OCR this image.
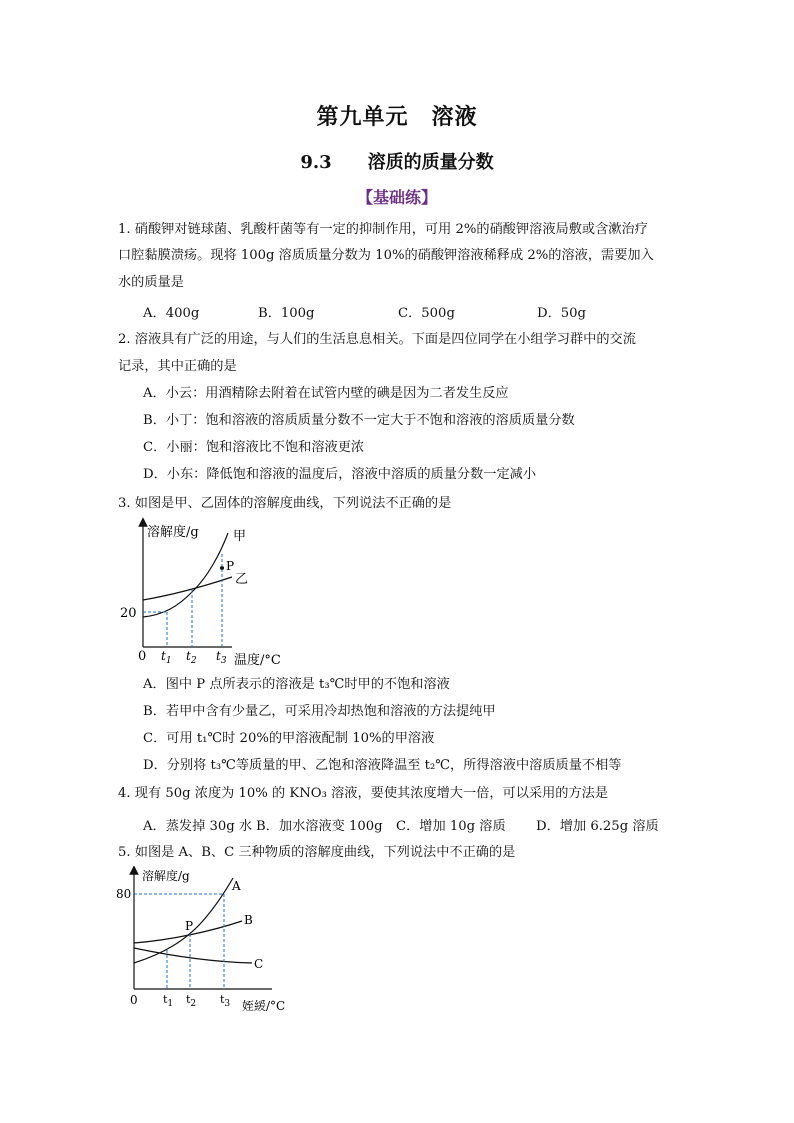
第九单元　溶液
9.3　　溶质的质量分数
【基础练】
1. 硝酸钾对链球菌、乳酸杆菌等有一定的抑制作用，可用 2%的硝酸钾溶液局敷或含漱治疗
口腔黏膜溃疡。现将 100g 溶质质量分数为 10%的硝酸钾溶液稀释成 2%的溶液，需要加入
水的质量是
A．400g	B．100g	C．500g	D．50g
2. 溶液具有广泛的用途，与人们的生活息息相关。下面是四位同学在小组学习群中的交流
记录，其中正确的是
A．小云：用酒精除去附着在试管内壁的碘是因为二者发生反应
B．小丁：饱和溶液的溶质质量分数不一定大于不饱和溶液的溶质质量分数
C．小丽：饱和溶液比不饱和溶液更浓
D．小东：降低饱和溶液的温度后，溶液中溶质的质量分数一定减小
3. 如图是甲、乙固体的溶解度曲线，下列说法不正确的是
溶解度/g
20
0	温度/°C
甲
乙
P
$t_1$ $t_2$ $t_3$
A．图中 P 点所表示的溶液是 t₃℃时甲的不饱和溶液
B．若甲中含有少量乙，可采用冷却热饱和溶液的方法提纯甲
C．可用 t₁℃时 20%的甲溶液配制 10%的甲溶液
D．分别将 t₃℃等质量的甲、乙饱和溶液降温至 t₂℃，所得溶液中溶质质量不相等
4. 现有 50g 浓度为 10% 的 KNO₃ 溶液，要使其浓度增大一倍，可以采用的方法是
A．蒸发掉 30g 水 B．加水溶液变 100g C．增加 10g 溶质 D．增加 6.25g 溶质
5. 如图是 A、B、C 三种物质的溶解度曲线，下列说法中不正确的是
溶解度/g
80
0	姪緩/°C
A
B
C
P
$t_1$ $t_2$ $t_3$
